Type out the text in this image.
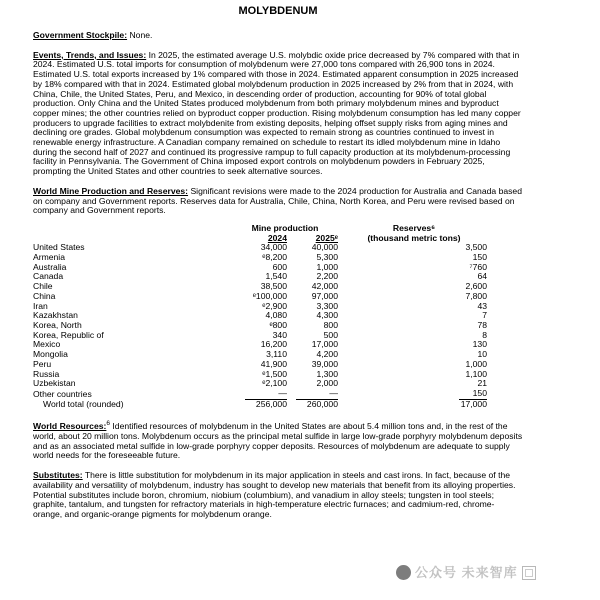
MOLYBDENUM

Government Stockpile: None.

Events, Trends, and Issues: In 2025, the estimated average U.S. molybdic oxide price decreased by 7% compared with that in 2024. Estimated U.S. total imports for consumption of molybdenum were 27,000 tons compared with 26,900 tons in 2024. Estimated U.S. total exports increased by 1% compared with those in 2024. Estimated apparent consumption in 2025 increased by 18% compared with that in 2024. Estimated global molybdenum production in 2025 increased by 2% from that in 2024, with China, Chile, the United States, Peru, and Mexico, in descending order of production, accounting for 90% of total global production. Only China and the United States produced molybdenum from both primary molybdenum mines and byproduct copper mines; the other countries relied on byproduct copper production. Rising molybdenum consumption has led many copper producers to upgrade facilities to extract molybdenite from existing deposits, helping offset supply risks from aging mines and declining ore grades. Global molybdenum consumption was expected to remain strong as countries continued to invest in renewable energy infrastructure. A Canadian company remained on schedule to restart its idled molybdenum mine in Idaho during the second half of 2027 and continued its progressive rampup to full capacity production at its molybdenum-processing facility in Pennsylvania. The Government of China imposed export controls on molybdenum powders in February 2025, prompting the United States and other countries to seek alternative sources.

World Mine Production and Reserves: Significant revisions were made to the 2024 production for Australia and Canada based on company and Government reports. Reserves data for Australia, Chile, China, North Korea, and Peru were revised based on company and Government reports.

	Mine production		Reserves⁶
	2024	2025ᵉ	(thousand metric tons)
United States	34,000	40,000	3,500
Armenia	ᵉ8,200	5,300	150
Australia	600	1,000	⁷760
Canada	1,540	2,200	64
Chile	38,500	42,000	2,600
China	ᵉ100,000	97,000	7,800
Iran	ᵉ2,900	3,300	43
Kazakhstan	4,080	4,300	7
Korea, North	ᵉ800	800	78
Korea, Republic of	340	500	8
Mexico	16,200	17,000	130
Mongolia	3,110	4,200	10
Peru	41,900	39,000	1,000
Russia	ᵉ1,500	1,300	1,100
Uzbekistan	ᵉ2,100	2,000	21
Other countries	—	—	150
World total (rounded)	256,000	260,000	17,000

World Resources:$^6$ Identified resources of molybdenum in the United States are about 5.4 million tons and, in the rest of the world, about 20 million tons. Molybdenum occurs as the principal metal sulfide in large low-grade porphyry molybdenum deposits and as an associated metal sulfide in low-grade porphyry copper deposits. Resources of molybdenum are adequate to supply world needs for the foreseeable future.

Substitutes: There is little substitution for molybdenum in its major application in steels and cast irons. In fact, because of the availability and versatility of molybdenum, industry has sought to develop new materials that benefit from its alloying properties. Potential substitutes include boron, chromium, niobium (columbium), and vanadium in alloy steels; tungsten in tool steels; graphite, tantalum, and tungsten for refractory materials in high-temperature electric furnaces; and cadmium-red, chrome-orange, and organic-orange pigments for molybdenum orange.

公众号 未来智库
